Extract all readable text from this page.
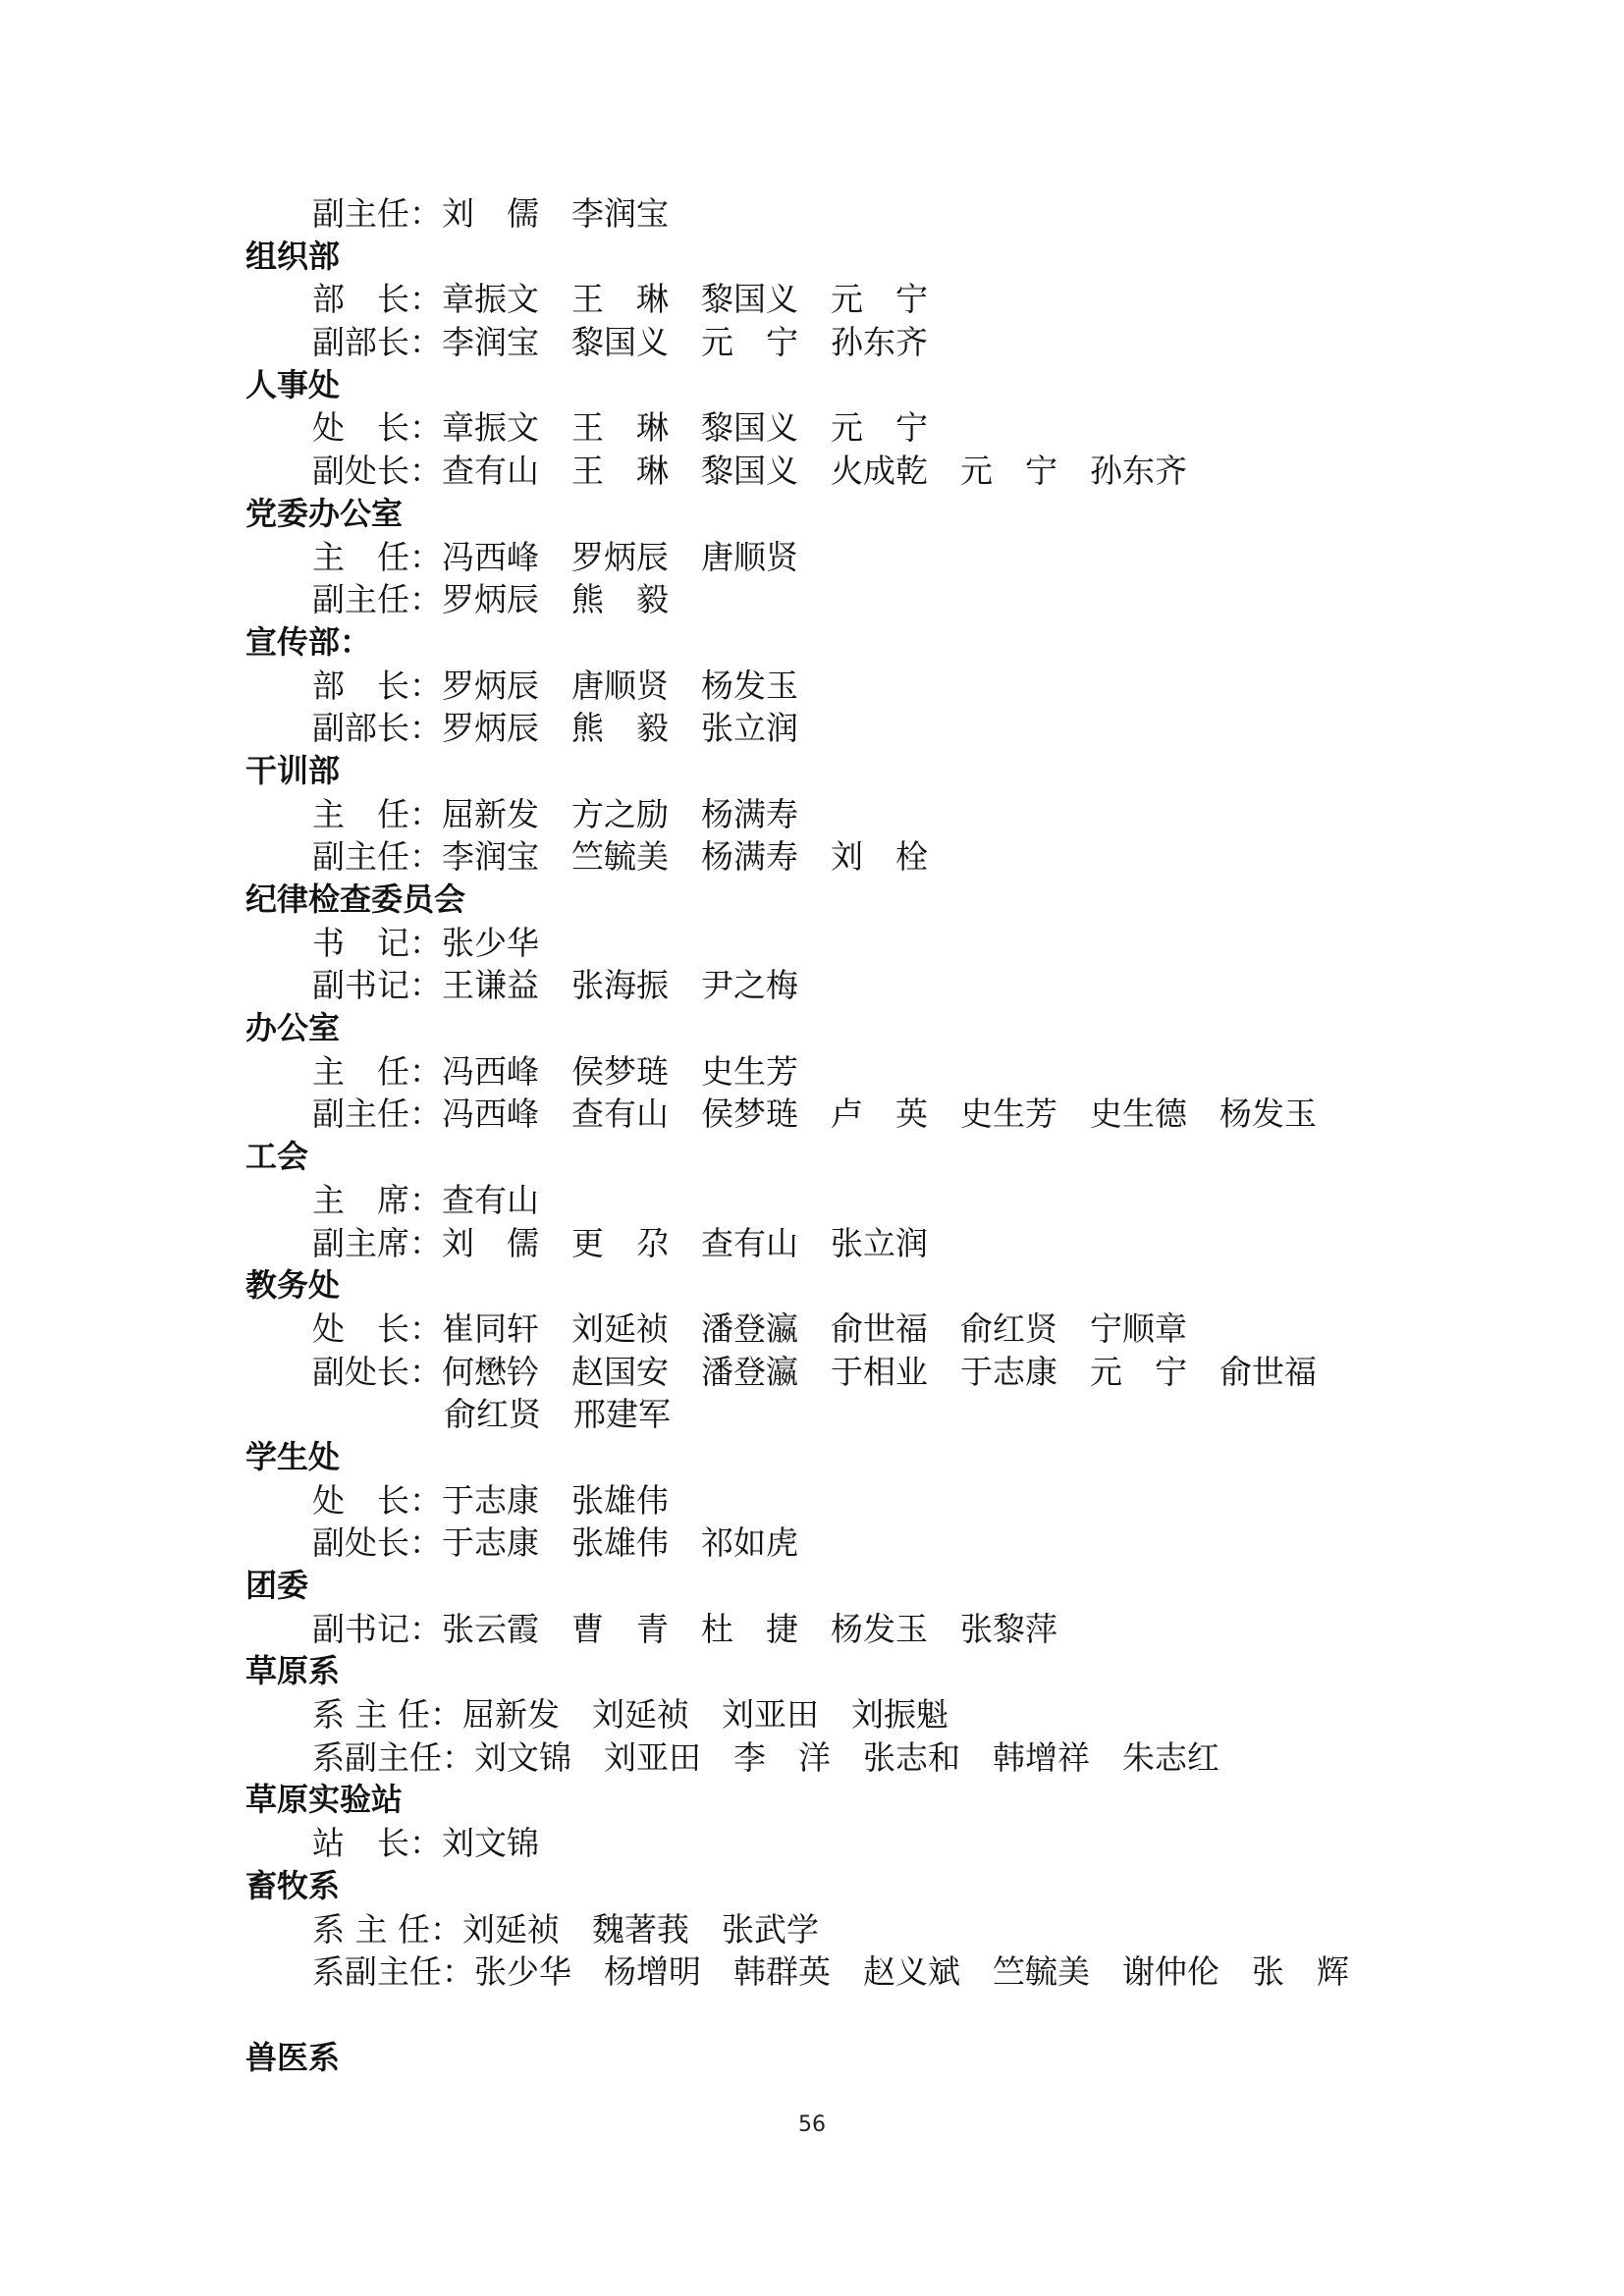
副主任：刘　儒　李润宝
组织部
部　长：章振文　王　琳　黎国义　元　宁
副部长：李润宝　黎国义　元　宁　孙东齐
人事处
处　长：章振文　王　琳　黎国义　元　宁
副处长：查有山　王　琳　黎国义　火成乾　元　宁　孙东齐
党委办公室
主　任：冯西峰　罗炳辰　唐顺贤
副主任：罗炳辰　熊　毅
宣传部：
部　长：罗炳辰　唐顺贤　杨发玉
副部长：罗炳辰　熊　毅　张立润
干训部
主　任：屈新发　方之励　杨满寿
副主任：李润宝　竺毓美　杨满寿　刘　栓
纪律检查委员会
书　记：张少华
副书记：王谦益　张海振　尹之梅
办公室
主　任：冯西峰　侯梦琏　史生芳
副主任：冯西峰　查有山　侯梦琏　卢　英　史生芳　史生德　杨发玉
工会
主　席：查有山
副主席：刘　儒　更　尕　查有山　张立润
教务处
处　长：崔同轩　刘延祯　潘登瀛　俞世福　俞红贤　宁顺章
副处长：何懋钤　赵国安　潘登瀛　于相业　于志康　元　宁　俞世福
俞红贤　邢建军
学生处
处　长：于志康　张雄伟
副处长：于志康　张雄伟　祁如虎
团委
副书记：张云霞　曹　青　杜　捷　杨发玉　张黎萍
草原系
系 主 任：屈新发　刘延祯　刘亚田　刘振魁
系副主任：刘文锦　刘亚田　李　洋　张志和　韩增祥　朱志红
草原实验站
站　长：刘文锦
畜牧系
系 主 任：刘延祯　魏著莪　张武学
系副主任：张少华　杨增明　韩群英　赵义斌　竺毓美　谢仲伦　张　辉
兽医系
56
